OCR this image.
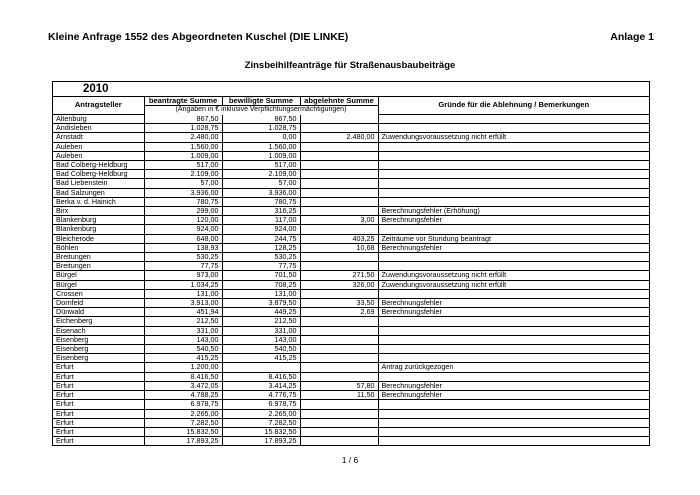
Kleine Anfrage 1552 des Abgeordneten Kuschel (DIE LINKE)	Anlage 1
Zinsbeihilfeanträge für Straßenausbaubeiträge
2010
Antragsteller	beantragte Summe	bewilligte Summe	abgelehnte Summe	Gründe für die Ablehnung / Bemerkungen
	(Angaben in € inklusive Verpflichtungsermächtigungen)			
Altenburg	867,50	867,50		
Andisleben	1.028,75	1.028,75		
Arnstadt	2.480,00	0,00	2.480,00	Zuwendungsvoraussetzung nicht erfüllt
Auleben	1.560,00	1.560,00		
Auleben	1.009,00	1.009,00		
Bad Colberg-Heldburg	517,00	517,00		
Bad Colberg-Heldburg	2.109,00	2.109,00		
Bad Liebenstein	57,00	57,00		
Bad Salzungen	3.936,00	3.936,00		
Berka v. d. Hainich	780,75	780,75		
Birx	299,00	316,25		Berechnungsfehler (Erhöhung)
Blankenburg	120,00	117,00	3,00	Berechnungsfehler
Blankenburg	924,00	924,00		
Bleicherode	648,00	244,75	403,25	Zeiträume vor Stundung beantragt
Böhlen	138,93	128,25	10,68	Berechnungsfehler
Breitungen	530,25	530,25		
Breitungen	77,75	77,75		
Bürgel	973,00	701,50	271,50	Zuwendungsvoraussetzung nicht erfüllt
Bürgel	1.034,25	708,25	326,00	Zuwendungsvoraussetzung nicht erfüllt
Crossen	131,00	131,00		
Dornfeld	3.913,00	3.879,50	33,50	Berechnungsfehler
Dünwald	451,94	449,25	2,69	Berechnungsfehler
Eichenberg	212,50	212,50		
Eisenach	331,00	331,00		
Eisenberg	143,00	143,00		
Eisenberg	540,50	540,50		
Eisenberg	415,25	415,25		
Erfurt	1.200,00			Antrag zurückgezogen
Erfurt	8.416,50	8.416,50		
Erfurt	3.472,05	3.414,25	57,80	Berechnungsfehler
Erfurt	4.788,25	4.776,75	11,50	Berechnungsfehler
Erfurt	6.978,75	6.978,75		
Erfurt	2.265,00	2.265,00		
Erfurt	7.282,50	7.282,50		
Erfurt	15.832,50	15.832,50		
Erfurt	17.893,25	17.893,25		
1 / 6
